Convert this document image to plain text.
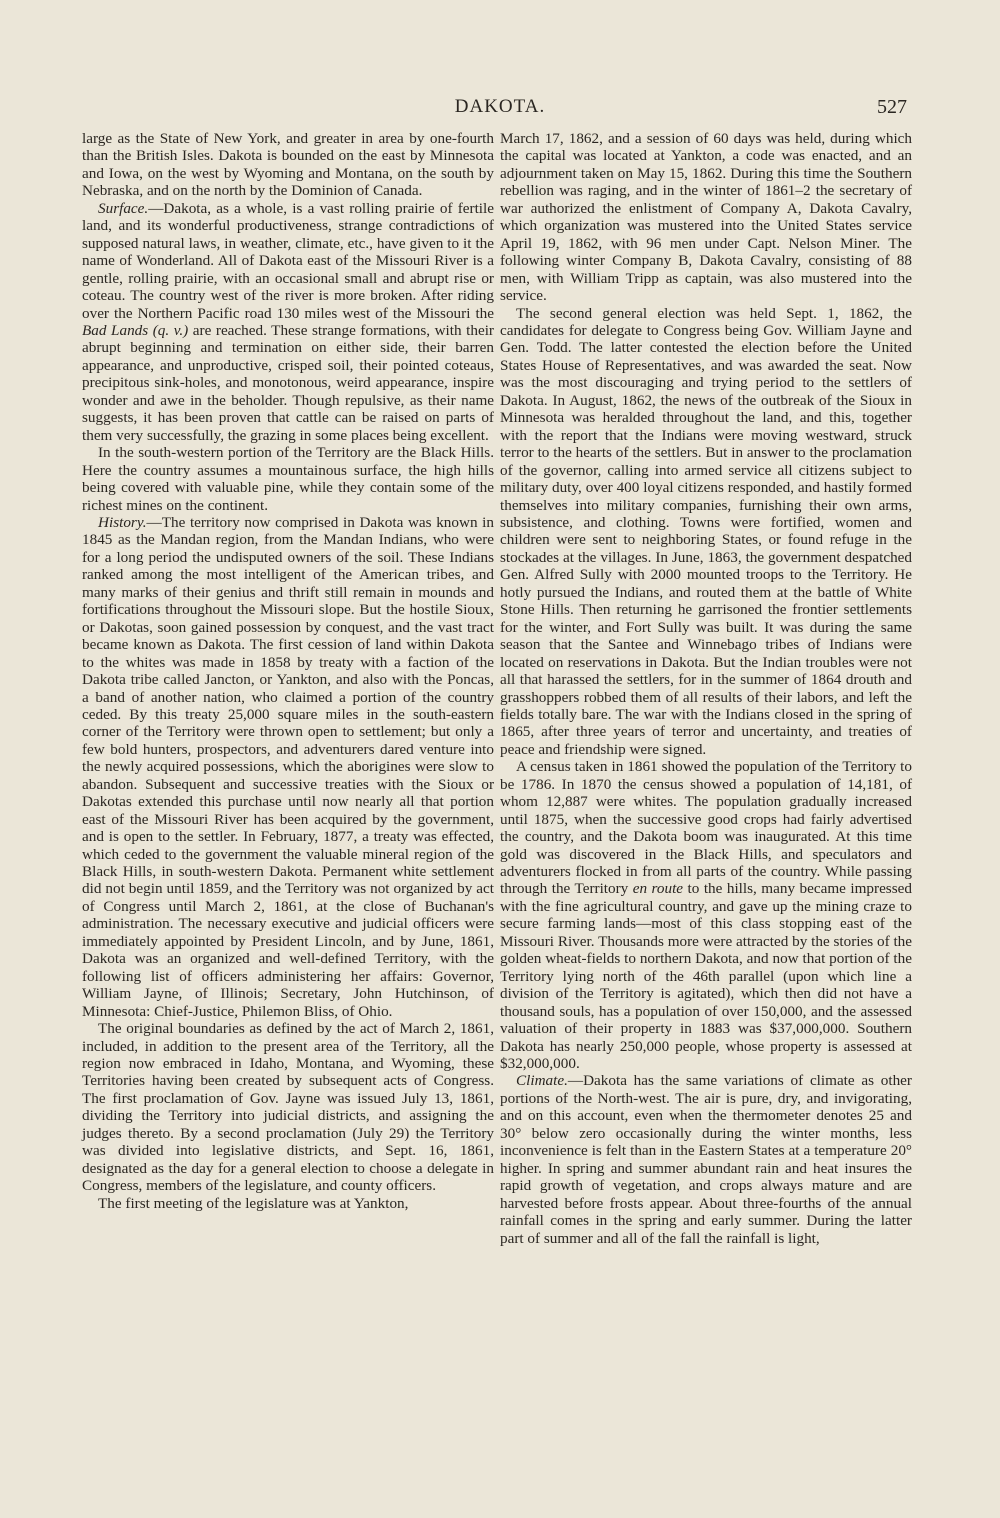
DAKOTA.	527

large as the State of New York, and greater in area by one-fourth than the British Isles. Dakota is bounded on the east by Minnesota and Iowa, on the west by Wyoming and Montana, on the south by Nebraska, and on the north by the Dominion of Canada.

Surface.—Dakota, as a whole, is a vast rolling prairie of fertile land, and its wonderful productiveness, strange contradictions of supposed natural laws, in weather, climate, etc., have given to it the name of Wonderland. All of Dakota east of the Missouri River is a gentle, rolling prairie, with an occasional small and abrupt rise or coteau. The country west of the river is more broken. After riding over the Northern Pacific road 130 miles west of the Missouri the Bad Lands (q. v.) are reached. These strange formations, with their abrupt beginning and termination on either side, their barren appearance, and unproductive, crisped soil, their pointed coteaus, precipitous sink-holes, and monotonous, weird appearance, inspire wonder and awe in the beholder. Though repulsive, as their name suggests, it has been proven that cattle can be raised on parts of them very successfully, the grazing in some places being excellent.

In the south-western portion of the Territory are the Black Hills. Here the country assumes a mountainous surface, the high hills being covered with valuable pine, while they contain some of the richest mines on the continent.

History.—The territory now comprised in Dakota was known in 1845 as the Mandan region, from the Mandan Indians, who were for a long period the undisputed owners of the soil. These Indians ranked among the most intelligent of the American tribes, and many marks of their genius and thrift still remain in mounds and fortifications throughout the Missouri slope. But the hostile Sioux, or Dakotas, soon gained possession by conquest, and the vast tract became known as Dakota. The first cession of land within Dakota to the whites was made in 1858 by treaty with a faction of the Dakota tribe called Jancton, or Yankton, and also with the Poncas, a band of another nation, who claimed a portion of the country ceded. By this treaty 25,000 square miles in the south-eastern corner of the Territory were thrown open to settlement; but only a few bold hunters, prospectors, and adventurers dared venture into the newly acquired possessions, which the aborigines were slow to abandon. Subsequent and successive treaties with the Sioux or Dakotas extended this purchase until now nearly all that portion east of the Missouri River has been acquired by the government, and is open to the settler. In February, 1877, a treaty was effected, which ceded to the government the valuable mineral region of the Black Hills, in south-western Dakota. Permanent white settlement did not begin until 1859, and the Territory was not organized by act of Congress until March 2, 1861, at the close of Buchanan's administration. The necessary executive and judicial officers were immediately appointed by President Lincoln, and by June, 1861, Dakota was an organized and well-defined Territory, with the following list of officers administering her affairs: Governor, William Jayne, of Illinois; Secretary, John Hutchinson, of Minnesota: Chief-Justice, Philemon Bliss, of Ohio.

The original boundaries as defined by the act of March 2, 1861, included, in addition to the present area of the Territory, all the region now embraced in Idaho, Montana, and Wyoming, these Territories having been created by subsequent acts of Congress. The first proclamation of Gov. Jayne was issued July 13, 1861, dividing the Territory into judicial districts, and assigning the judges thereto. By a second proclamation (July 29) the Territory was divided into legislative districts, and Sept. 16, 1861, designated as the day for a general election to choose a delegate in Congress, members of the legislature, and county officers.

The first meeting of the legislature was at Yankton,

March 17, 1862, and a session of 60 days was held, during which the capital was located at Yankton, a code was enacted, and an adjournment taken on May 15, 1862. During this time the Southern rebellion was raging, and in the winter of 1861–2 the secretary of war authorized the enlistment of Company A, Dakota Cavalry, which organization was mustered into the United States service April 19, 1862, with 96 men under Capt. Nelson Miner. The following winter Company B, Dakota Cavalry, consisting of 88 men, with William Tripp as captain, was also mustered into the service.

The second general election was held Sept. 1, 1862, the candidates for delegate to Congress being Gov. William Jayne and Gen. Todd. The latter contested the election before the United States House of Representatives, and was awarded the seat. Now was the most discouraging and trying period to the settlers of Dakota. In August, 1862, the news of the outbreak of the Sioux in Minnesota was heralded throughout the land, and this, together with the report that the Indians were moving westward, struck terror to the hearts of the settlers. But in answer to the proclamation of the governor, calling into armed service all citizens subject to military duty, over 400 loyal citizens responded, and hastily formed themselves into military companies, furnishing their own arms, subsistence, and clothing. Towns were fortified, women and children were sent to neighboring States, or found refuge in the stockades at the villages. In June, 1863, the government despatched Gen. Alfred Sully with 2000 mounted troops to the Territory. He hotly pursued the Indians, and routed them at the battle of White Stone Hills. Then returning he garrisoned the frontier settlements for the winter, and Fort Sully was built. It was during the same season that the Santee and Winnebago tribes of Indians were located on reservations in Dakota. But the Indian troubles were not all that harassed the settlers, for in the summer of 1864 drouth and grasshoppers robbed them of all results of their labors, and left the fields totally bare. The war with the Indians closed in the spring of 1865, after three years of terror and uncertainty, and treaties of peace and friendship were signed.

A census taken in 1861 showed the population of the Territory to be 1786. In 1870 the census showed a population of 14,181, of whom 12,887 were whites. The population gradually increased until 1875, when the successive good crops had fairly advertised the country, and the Dakota boom was inaugurated. At this time gold was discovered in the Black Hills, and speculators and adventurers flocked in from all parts of the country. While passing through the Territory en route to the hills, many became impressed with the fine agricultural country, and gave up the mining craze to secure farming lands—most of this class stopping east of the Missouri River. Thousands more were attracted by the stories of the golden wheat-fields to northern Dakota, and now that portion of the Territory lying north of the 46th parallel (upon which line a division of the Territory is agitated), which then did not have a thousand souls, has a population of over 150,000, and the assessed valuation of their property in 1883 was $37,000,000. Southern Dakota has nearly 250,000 people, whose property is assessed at $32,000,000.

Climate.—Dakota has the same variations of climate as other portions of the North-west. The air is pure, dry, and invigorating, and on this account, even when the thermometer denotes 25 and 30° below zero occasionally during the winter months, less inconvenience is felt than in the Eastern States at a temperature 20° higher. In spring and summer abundant rain and heat insures the rapid growth of vegetation, and crops always mature and are harvested before frosts appear. About three-fourths of the annual rainfall comes in the spring and early summer. During the latter part of summer and all of the fall the rainfall is light,
